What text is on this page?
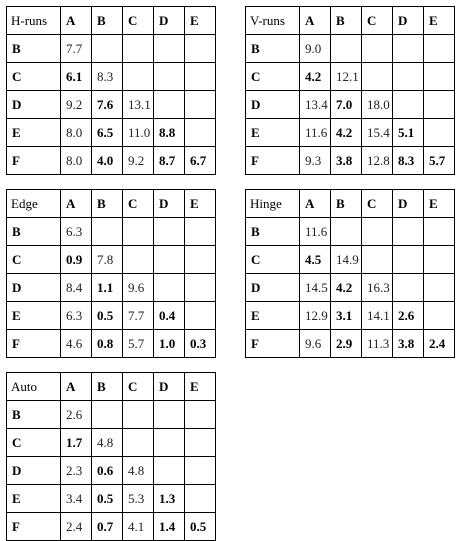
H-runs	A	B	C	D	E
B	7.7				
C	6.1	8.3			
D	9.2	7.6	13.1		
E	8.0	6.5	11.0	8.8	
F	8.0	4.0	9.2	8.7	6.7
V-runs	A	B	C	D	E
B	9.0				
C	4.2	12.1			
D	13.4	7.0	18.0		
E	11.6	4.2	15.4	5.1	
F	9.3	3.8	12.8	8.3	5.7
Edge	A	B	C	D	E
B	6.3				
C	0.9	7.8			
D	8.4	1.1	9.6		
E	6.3	0.5	7.7	0.4	
F	4.6	0.8	5.7	1.0	0.3
Hinge	A	B	C	D	E
B	11.6				
C	4.5	14.9			
D	14.5	4.2	16.3		
E	12.9	3.1	14.1	2.6	
F	9.6	2.9	11.3	3.8	2.4
Auto	A	B	C	D	E
B	2.6				
C	1.7	4.8			
D	2.3	0.6	4.8		
E	3.4	0.5	5.3	1.3	
F	2.4	0.7	4.1	1.4	0.5
